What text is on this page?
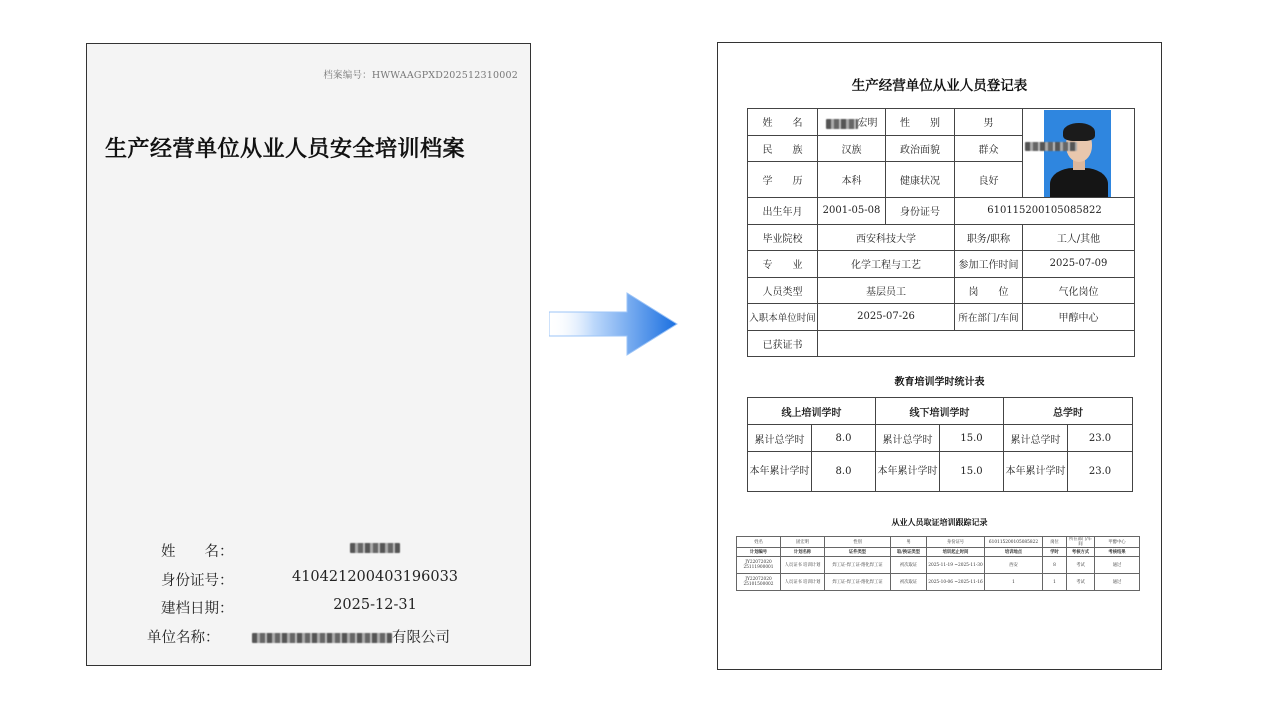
档案编号：HWWAAGPXD202512310002
生产经营单位从业人员安全培训档案
姓　　名：
身份证号：	410421200403196033
建档日期：	2025-12-31
单位名称：	有限公司
生产经营单位从业人员登记表
姓　　名	宏明	性　　别	男	

民　　族	汉族	政治面貌	群众	
学　　历	本科	健康状况	良好	
出生年月	2001-05-08	身份证号	610115200105085822	
毕业院校	西安科技大学		职务/职称	工人/其他
专　　业	化学工程与工艺		参加工作时间	2025-07-09
人员类型	基层员工		岗　　位	气化岗位
入职本单位时间	2025-07-26		所在部门/车间	甲醇中心
已获证书				
教育培训学时统计表
线上培训学时		线下培训学时		总学时	
累计总学时	8.0	累计总学时	15.0	累计总学时	23.0
本年累计学时	8.0	本年累计学时	15.0	本年累计学时	23.0
从业人员取证培训跟踪记录
姓名	固宏明	性别	男	身份证号	610115200105085822	岗位	所在部门/车间	甲醇中心
计划编号	计划名称	证件类型	取/换证类型	培训起止时间	培训地点	学时	考核方式	考核结果
JY22072020 25111900001	人员证书 培训计划	焊工证-焊工证-熔化焊工证	初次取证	2025-11-19 ~2025-11-30	西安	8	考试	通过
JY22072020 25101500002	人员证书 培训计划	焊工证-焊工证-熔化焊工证	初次取证	2025-10-06 ~2025-11-16	1	1	考试	通过
